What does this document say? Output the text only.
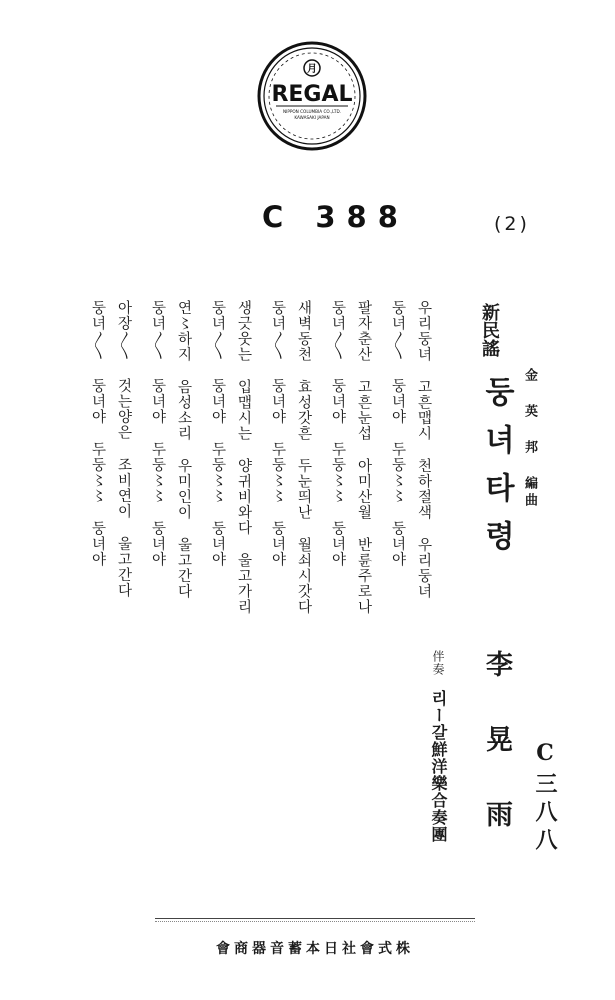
月
REGAL
NIPPON COLUMBIA CO.,LTD.
KAWASAKI JAPAN
C 388	(2)
金 英 邦 編曲
新民謠
둥녀타령
우리둥녀 고흔맵시 천하절색 우리둥녀
둥녀〳〵 둥녀야 두둥〻〻 둥녀야
팔자춘산 고흔눈섭 아미산월 반륜주로나
둥녀〳〵 둥녀야 두둥〻〻 둥녀야
새벽동천 효성갓흔 두눈띄난 월쇠시갓다
둥녀〳〵 둥녀야 두둥〻〻 둥녀야
생긋웃는 입맵시는 양귀비와다 울고가리
둥녀〳〵 둥녀야 두둥〻〻 둥녀야
연〻하지 음성소리 우미인이 울고간다
둥녀〳〵 둥녀야 두둥〻〻 둥녀야
아장〳〵 것는양은 조비연이 울고간다
둥녀〳〵 둥녀야 두둥〻〻 둥녀야
李晃雨
伴奏
리ー갈鮮洋樂合奏團	C三八八
株式會社日本蓄音器商會
